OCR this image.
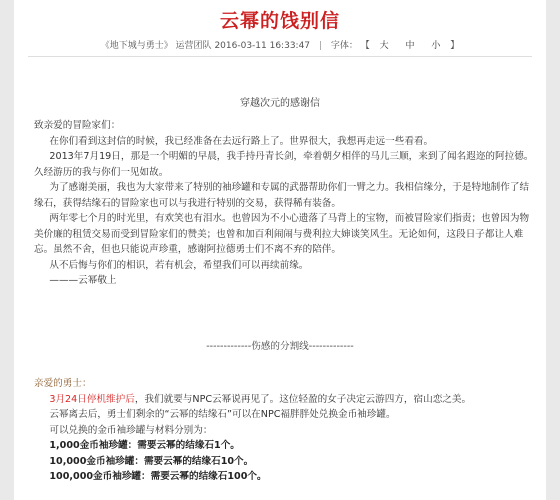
云幂的饯别信
《地下城与勇士》 运营团队 2016-03-11 16:33:47 | 字体： 【 大 中 小 】
穿越次元的感谢信

致亲爱的冒险家们：

在你们看到这封信的时候，我已经准备在去远行路上了。世界很大，我想再走远一些看看。

2013年7月19日，那是一个明媚的早晨，我手持丹青长剑，牵着朝夕相伴的马儿三顺，来到了闻名遐迩的阿拉德。久经游历的我与你们一见如故。

为了感谢美丽，我也为大家带来了特别的袖珍罐和专属的武器帮助你们一臂之力。我相信缘分，于是特地制作了结缘石，获得结缘石的冒险家也可以与我进行特别的交易，获得稀有装备。

两年零七个月的时光里，有欢笑也有泪水。也曾因为不小心遗落了马背上的宝物，而被冒险家们指责；也曾因为物美价廉的租赁交易而受到冒险家们的赞美；也曾和加百利闹闹与费利拉大婶谈笑风生。无论如何，这段日子都让人难忘。虽然不舍，但也只能说声珍重，感谢阿拉德勇士们不离不弃的陪伴。

从不后悔与你们的相识，若有机会，希望我们可以再续前缘。

———云幂敬上

-------------伤感的分割线-------------

亲爱的勇士：

3月24日停机维护后，我们就要与NPC云幂说再见了。这位轻盈的女子决定云游四方，宿山恋之美。

云幂离去后，勇士们剩余的“云幂的结缘石”可以在NPC福胖胖处兑换金币袖珍罐。

可以兑换的金币袖珍罐与材料分别为：

1,000金币袖珍罐：需要云幂的结缘石1个。

10,000金币袖珍罐：需要云幂的结缘石10个。

100,000金币袖珍罐：需要云幂的结缘石100个。
